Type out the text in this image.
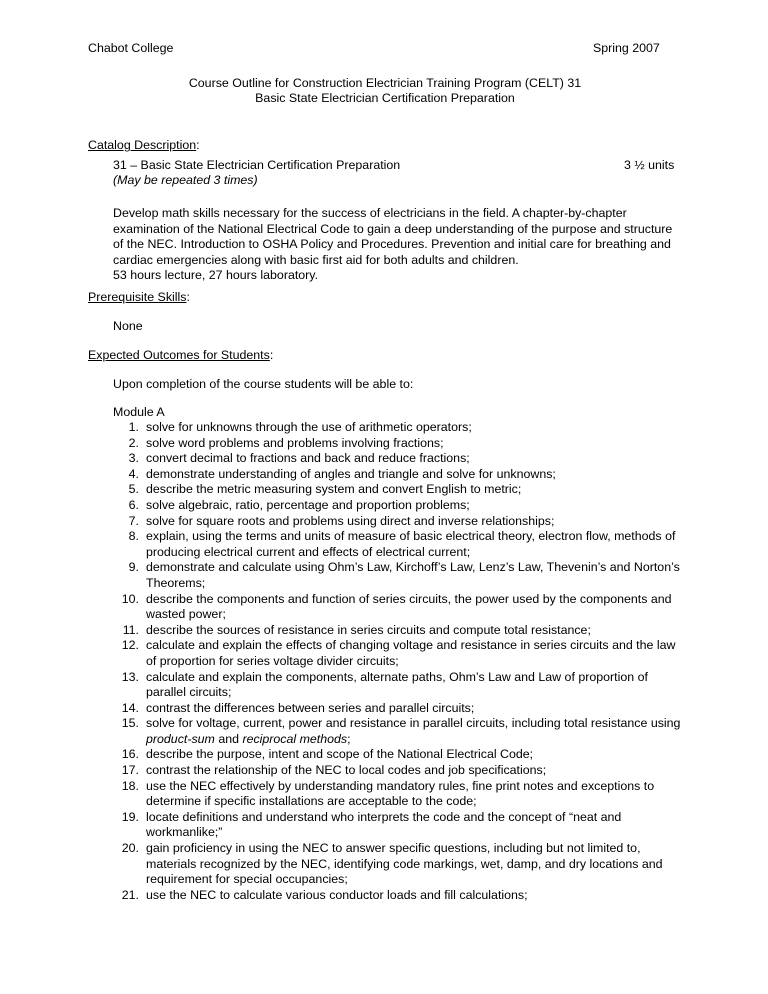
Chabot College	Spring 2007
Course Outline for Construction Electrician Training Program (CELT) 31
Basic State Electrician Certification Preparation
Catalog Description:
31 – Basic State Electrician Certification Preparation
(May be repeated 3 times)
3 ½ units
Develop math skills necessary for the success of electricians in the field. A chapter-by-chapter examination of the National Electrical Code to gain a deep understanding of the purpose and structure of the NEC. Introduction to OSHA Policy and Procedures. Prevention and initial care for breathing and cardiac emergencies along with basic first aid for both adults and children.
53 hours lecture, 27 hours laboratory.
Prerequisite Skills:
None
Expected Outcomes for Students:
Upon completion of the course students will be able to:
Module A
1. solve for unknowns through the use of arithmetic operators;
2. solve word problems and problems involving fractions;
3. convert decimal to fractions and back and reduce fractions;
4. demonstrate understanding of angles and triangle and solve for unknowns;
5. describe the metric measuring system and convert English to metric;
6. solve algebraic, ratio, percentage and proportion problems;
7. solve for square roots and problems using direct and inverse relationships;
8. explain, using the terms and units of measure of basic electrical theory, electron flow, methods of producing electrical current and effects of electrical current;
9. demonstrate and calculate using Ohm’s Law, Kirchoff’s Law, Lenz’s Law, Thevenin’s and Norton’s Theorems;
10. describe the components and function of series circuits, the power used by the components and wasted power;
11. describe the sources of resistance in series circuits and compute total resistance;
12. calculate and explain the effects of changing voltage and resistance in series circuits and the law of proportion for series voltage divider circuits;
13. calculate and explain the components, alternate paths, Ohm’s Law and Law of proportion of parallel circuits;
14. contrast the differences between series and parallel circuits;
15. solve for voltage, current, power and resistance in parallel circuits, including total resistance using product-sum and reciprocal methods;
16. describe the purpose, intent and scope of the National Electrical Code;
17. contrast the relationship of the NEC to local codes and job specifications;
18. use the NEC effectively by understanding mandatory rules, fine print notes and exceptions to determine if specific installations are acceptable to the code;
19. locate definitions and understand who interprets the code and the concept of “neat and workmanlike;”
20. gain proficiency in using the NEC to answer specific questions, including but not limited to, materials recognized by the NEC, identifying code markings, wet, damp, and dry locations and requirement for special occupancies;
21. use the NEC to calculate various conductor loads and fill calculations;
